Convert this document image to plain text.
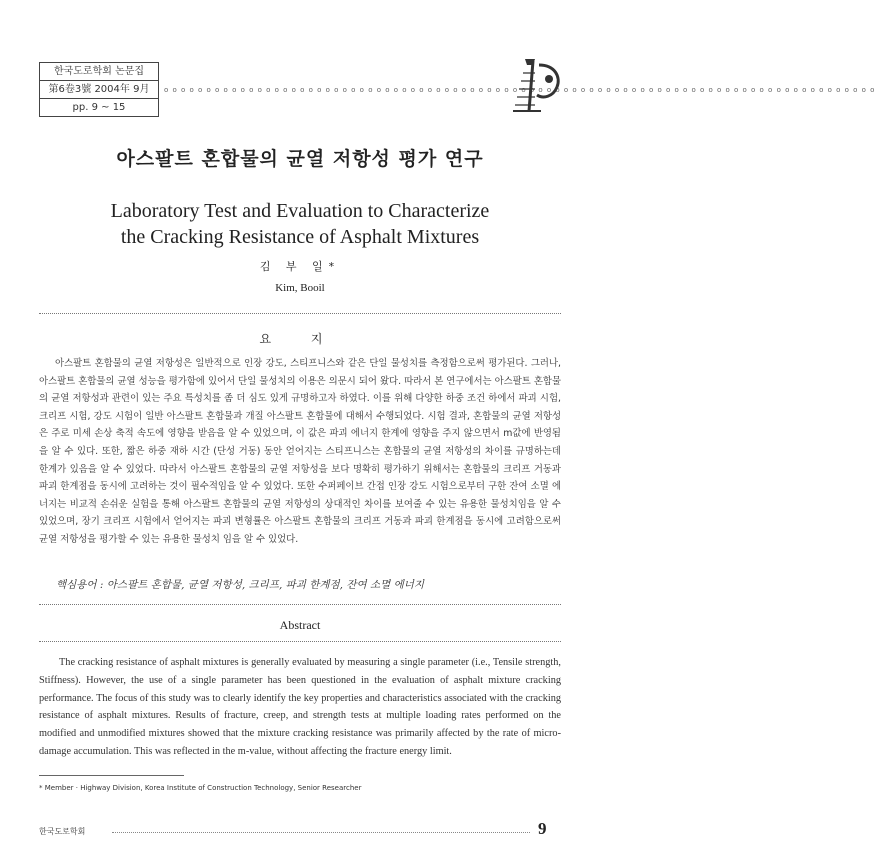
한국도로학회 논문집
第6卷3號 2004年 9月
pp. 9 ~ 15
o o o o o o o o o o o o o o o o o o o o o o o o o o o o o o o o o o o o o o o o o o o o o o o o o o o o o o o o o o o o o o o o o o o o o o o o o o o o o o o o o o o o
아스팔트 혼합물의 균열 저항성 평가 연구
Laboratory Test and Evaluation to Characterize
the Cracking Resistance of Asphalt Mixtures
김 부 일*
Kim, Booil
요 지

아스팔트 혼합물의 균열 저항성은 일반적으로 인장 강도, 스티프니스와 같은 단일 물성치를 측정함으로써 평가된다. 그러나, 아스팔트 혼합물의 균열 성능을 평가함에 있어서 단일 물성치의 이용은 의문시 되어 왔다. 따라서 본 연구에서는 아스팔트 혼합물의 균열 저항성과 관련이 있는 주요 특성치를 좀 더 심도 있게 규명하고자 하였다. 이를 위해 다양한 하중 조건 하에서 파괴 시험, 크리프 시험, 강도 시험이 일반 아스팔트 혼합물과 개질 아스팔트 혼합물에 대해서 수행되었다. 시험 결과, 혼합물의 균열 저항성은 주로 미세 손상 축적 속도에 영향을 받음을 알 수 있었으며, 이 값은 파괴 에너지 한계에 영향을 주지 않으면서 m값에 반영됨을 알 수 있다. 또한, 짧은 하중 재하 시간 (단성 거동) 동안 얻어지는 스티프니스는 혼합물의 균열 저항성의 차이를 규명하는데 한계가 있음을 알 수 있었다. 따라서 아스팔트 혼합물의 균열 저항성을 보다 명확히 평가하기 위해서는 혼합물의 크리프 거동과 파괴 한계점을 동시에 고려하는 것이 필수적임을 알 수 있었다. 또한 수퍼페이브 간접 인장 강도 시험으로부터 구한 잔여 소멸 에너지는 비교적 손쉬운 실험을 통해 아스팔트 혼합물의 균열 저항성의 상대적인 차이를 보여줄 수 있는 유용한 물성치임을 알 수 있었으며, 장기 크리프 시험에서 얻어지는 파괴 변형률은 아스팔트 혼합물의 크리프 거동과 파괴 한계점을 동시에 고려함으로써 균열 저항성을 평가할 수 있는 유용한 물성치 임을 알 수 있었다.

핵심용어 : 아스팔트 혼합물, 균열 저항성, 크리프, 파괴 한계점, 잔여 소멸 에너지
Abstract

The cracking resistance of asphalt mixtures is generally evaluated by measuring a single parameter (i.e., Tensile strength, Stiffness). However, the use of a single parameter has been questioned in the evaluation of asphalt mixture cracking performance. The focus of this study was to clearly identify the key properties and characteristics associated with the cracking resistance of asphalt mixtures. Results of fracture, creep, and strength tests at multiple loading rates performed on the modified and unmodified mixtures showed that the mixture cracking resistance was primarily affected by the rate of micro-damage accumulation. This was reflected in the m-value, without affecting the fracture energy limit.

* Member · Highway Division, Korea Institute of Construction Technology, Senior Researcher
한국도로학회	9
